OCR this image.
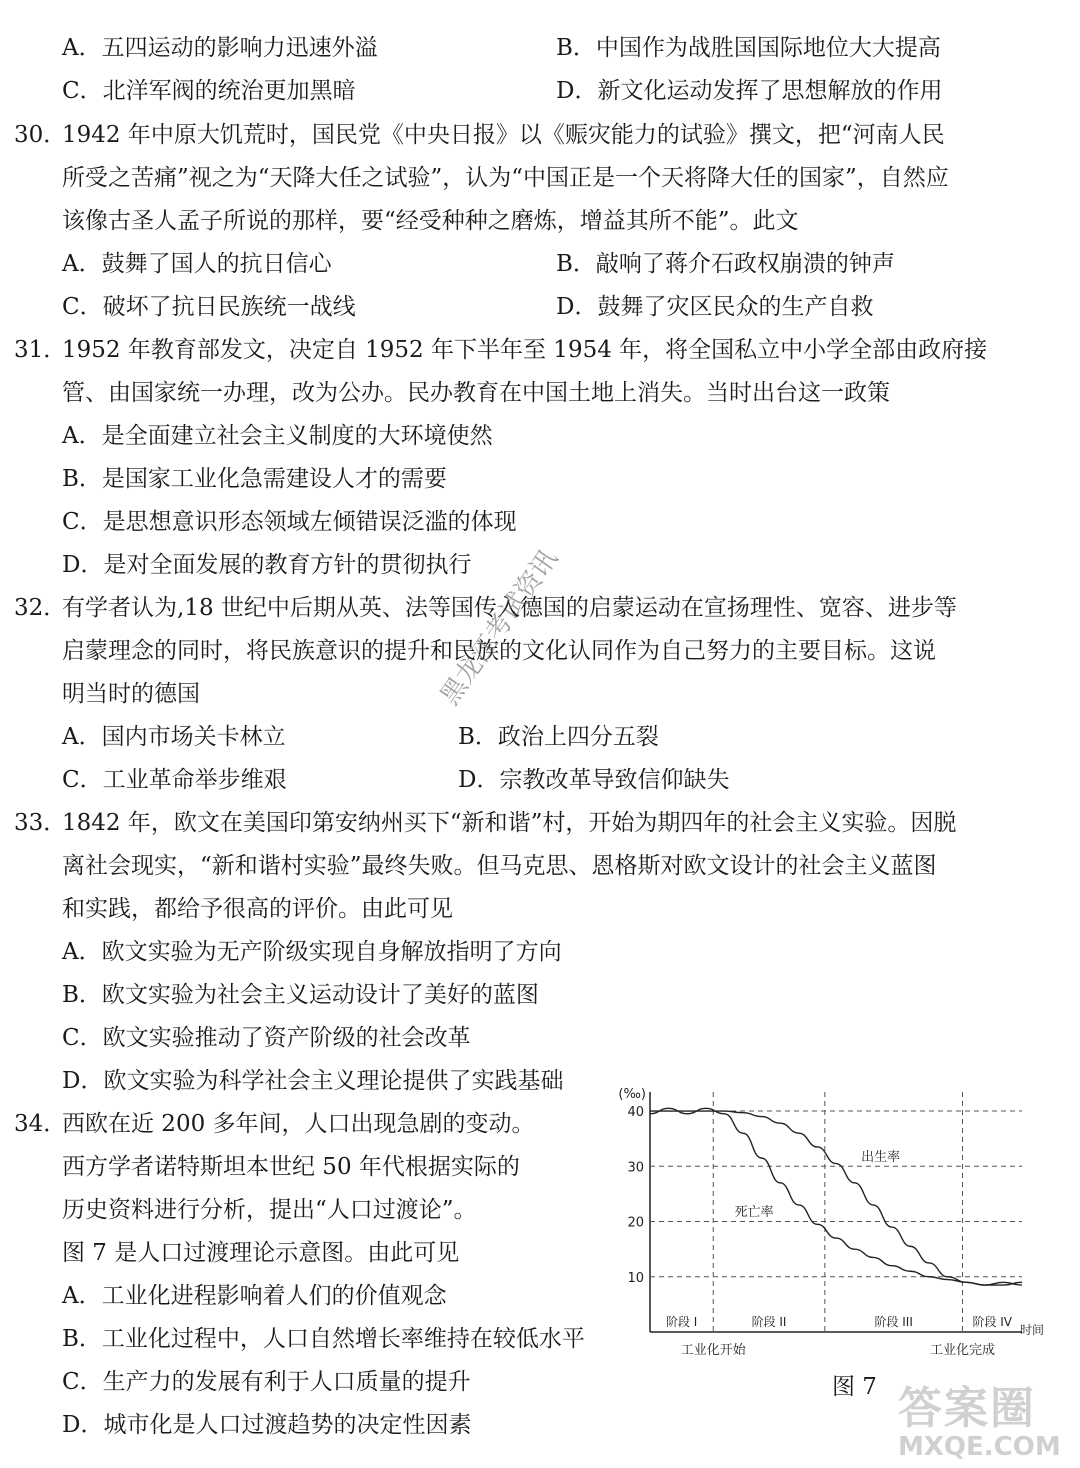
A．五四运动的影响力迅速外溢	B．中国作为战胜国国际地位大大提高
C．北洋军阀的统治更加黑暗	D．新文化运动发挥了思想解放的作用
30．
1942 年中原大饥荒时，国民党《中央日报》以《赈灾能力的试验》撰文，把“河南人民
所受之苦痛”视之为“天降大任之试验”，认为“中国正是一个天将降大任的国家”，自然应
该像古圣人孟子所说的那样，要“经受种种之磨炼，增益其所不能”。此文
A．鼓舞了国人的抗日信心	B．敲响了蒋介石政权崩溃的钟声
C．破坏了抗日民族统一战线	D．鼓舞了灾区民众的生产自救
31．
1952 年教育部发文，决定自 1952 年下半年至 1954 年，将全国私立中小学全部由政府接
管、由国家统一办理，改为公办。民办教育在中国土地上消失。当时出台这一政策
A．是全面建立社会主义制度的大环境使然
B．是国家工业化急需建设人才的需要
C．是思想意识形态领域左倾错误泛滥的体现
D．是对全面发展的教育方针的贯彻执行
32．
有学者认为,18 世纪中后期从英、法等国传入德国的启蒙运动在宣扬理性、宽容、进步等
启蒙理念的同时，将民族意识的提升和民族的文化认同作为自己努力的主要目标。这说
明当时的德国
A．国内市场关卡林立	B．政治上四分五裂
C．工业革命举步维艰	D．宗教改革导致信仰缺失
33．
1842 年，欧文在美国印第安纳州买下“新和谐”村，开始为期四年的社会主义实验。因脱
离社会现实，“新和谐村实验”最终失败。但马克思、恩格斯对欧文设计的社会主义蓝图
和实践，都给予很高的评价。由此可见
A．欧文实验为无产阶级实现自身解放指明了方向
B．欧文实验为社会主义运动设计了美好的蓝图
C．欧文实验推动了资产阶级的社会改革
D．欧文实验为科学社会主义理论提供了实践基础
34．
西欧在近 200 多年间，人口出现急剧的变动。
西方学者诺特斯坦本世纪 50 年代根据实际的
历史资料进行分析，提出“人口过渡论”。
图 7 是人口过渡理论示意图。由此可见
A．工业化进程影响着人们的价值观念
B．工业化过程中，人口自然增长率维持在较低水平
C．生产力的发展有利于人口质量的提升
D．城市化是人口过渡趋势的决定性因素
10
20
30
40
阶段 I	阶段 II	阶段 III	阶段 IV
出生率
死亡率
(‰)
时间
工业化开始	工业化完成
图 7
黑龙江考试资讯
答案圈
MXQE.COM
